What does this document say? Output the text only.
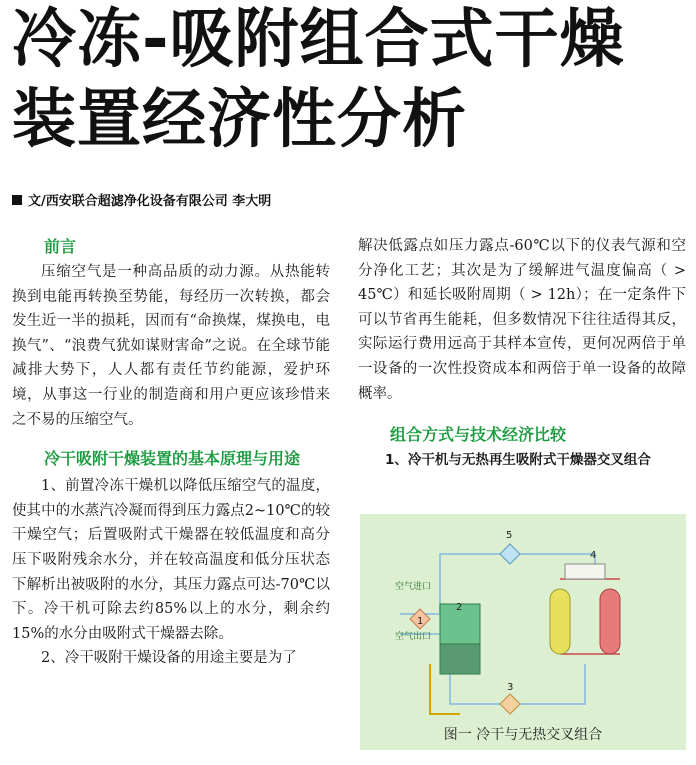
冷冻-吸附组合式干燥
装置经济性分析
文/西安联合超滤净化设备有限公司 李大明
前言

压缩空气是一种高品质的动力源。从热能转换到电能再转换至势能，每经历一次转换，都会发生近一半的损耗，因而有“命换煤，煤换电，电换气”、“浪费气犹如谋财害命”之说。在全球节能减排大势下，人人都有责任节约能源，爱护环境，从事这一行业的制造商和用户更应该珍惜来之不易的压缩空气。

冷干吸附干燥装置的基本原理与用途

1、前置冷冻干燥机以降低压缩空气的温度，使其中的水蒸汽冷凝而得到压力露点2~10℃的较干燥空气；后置吸附式干燥器在较低温度和高分压下吸附残余水分，并在较高温度和低分压状态下解析出被吸附的水分，其压力露点可达-70℃以下。冷干机可除去约85%以上的水分，剩余约15%的水分由吸附式干燥器去除。

2、冷干吸附干燥设备的用途主要是为了

解决低露点如压力露点-60℃以下的仪表气源和空分净化工艺；其次是为了缓解进气温度偏高（ > 45℃）和延长吸附周期（ > 12h）；在一定条件下可以节省再生能耗，但多数情况下往往适得其反，实际运行费用远高于其样本宣传，更何况两倍于单一设备的一次性投资成本和两倍于单一设备的故障概率。

组合方式与技术经济比较

1、冷干机与无热再生吸附式干燥器交叉组合

空气进口
空气出口
1
2
3
4
5
图一 冷干与无热交叉组合
